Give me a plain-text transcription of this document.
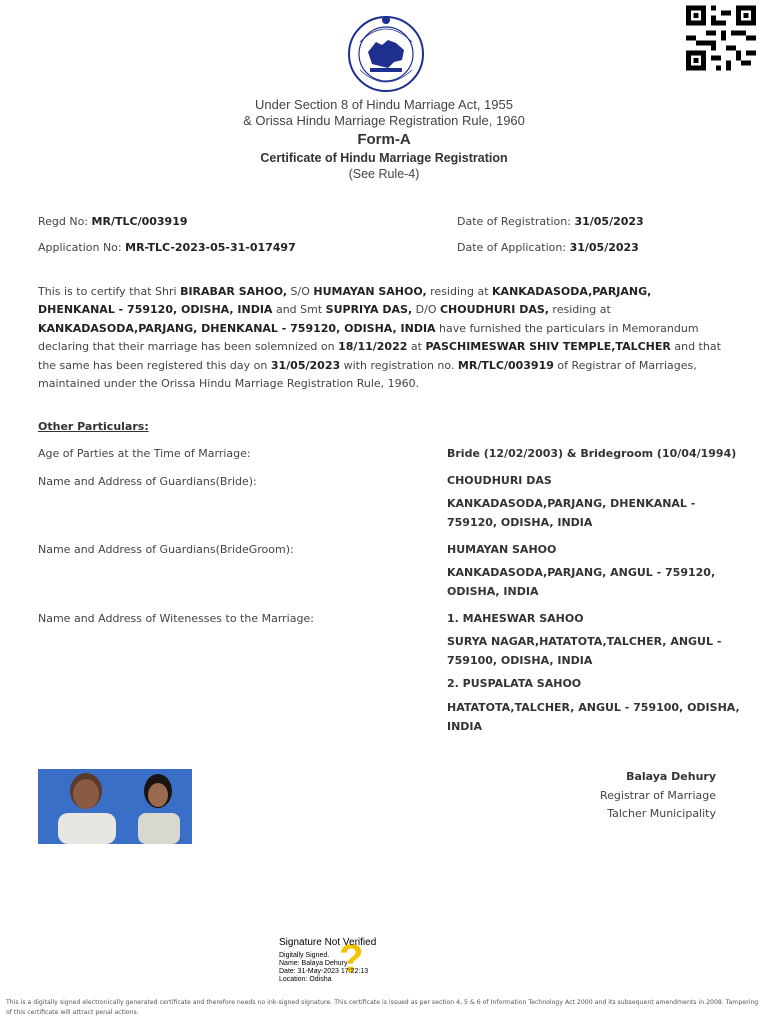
Under Section 8 of Hindu Marriage Act, 1955
& Orissa Hindu Marriage Registration Rule, 1960
Form-A
Certificate of Hindu Marriage Registration
(See Rule-4)
Regd No: MR/TLC/003919
Application No: MR-TLC-2023-05-31-017497
Date of Registration: 31/05/2023
Date of Application: 31/05/2023
This is to certify that Shri BIRABAR SAHOO, S/O HUMAYAN SAHOO, residing at KANKADASODA,PARJANG, DHENKANAL - 759120, ODISHA, INDIA and Smt SUPRIYA DAS, D/O CHOUDHURI DAS, residing at KANKADASODA,PARJANG, DHENKANAL - 759120, ODISHA, INDIA have furnished the particulars in Memorandum declaring that their marriage has been solemnized on 18/11/2022 at PASCHIMESWAR SHIV TEMPLE,TALCHER and that the same has been registered this day on 31/05/2023 with registration no. MR/TLC/003919 of Registrar of Marriages, maintained under the Orissa Hindu Marriage Registration Rule, 1960.
Other Particulars:
Age of Parties at the Time of Marriage:	Bride (12/02/2003) & Bridegroom (10/04/1994)
Name and Address of Guardians(Bride):	CHOUDHURI DAS
KANKADASODA,PARJANG, DHENKANAL - 759120, ODISHA, INDIA
Name and Address of Guardians(BrideGroom):	HUMAYAN SAHOO
KANKADASODA,PARJANG, ANGUL - 759120, ODISHA, INDIA
Name and Address of Witenesses to the Marriage:	1. MAHESWAR SAHOO
SURYA NAGAR,HATATOTA,TALCHER, ANGUL - 759100, ODISHA, INDIA
2. PUSPALATA SAHOO
HATATOTA,TALCHER, ANGUL - 759100, ODISHA, INDIA
Balaya Dehury
Registrar of Marriage
Talcher Municipality
?
Signature Not Verified
Digitally Signed.
Name: Balaya Dehury
Date: 31-May-2023 17:22:13
Location: Odisha
This is a digitally signed electronically generated certificate and therefore needs no ink-signed signature. This certificate is issued as per section 4, 5 & 6 of Information Technology Act 2000 and its subsequent amendments in 2008. Tampering of this certificate will attract penal actions.
